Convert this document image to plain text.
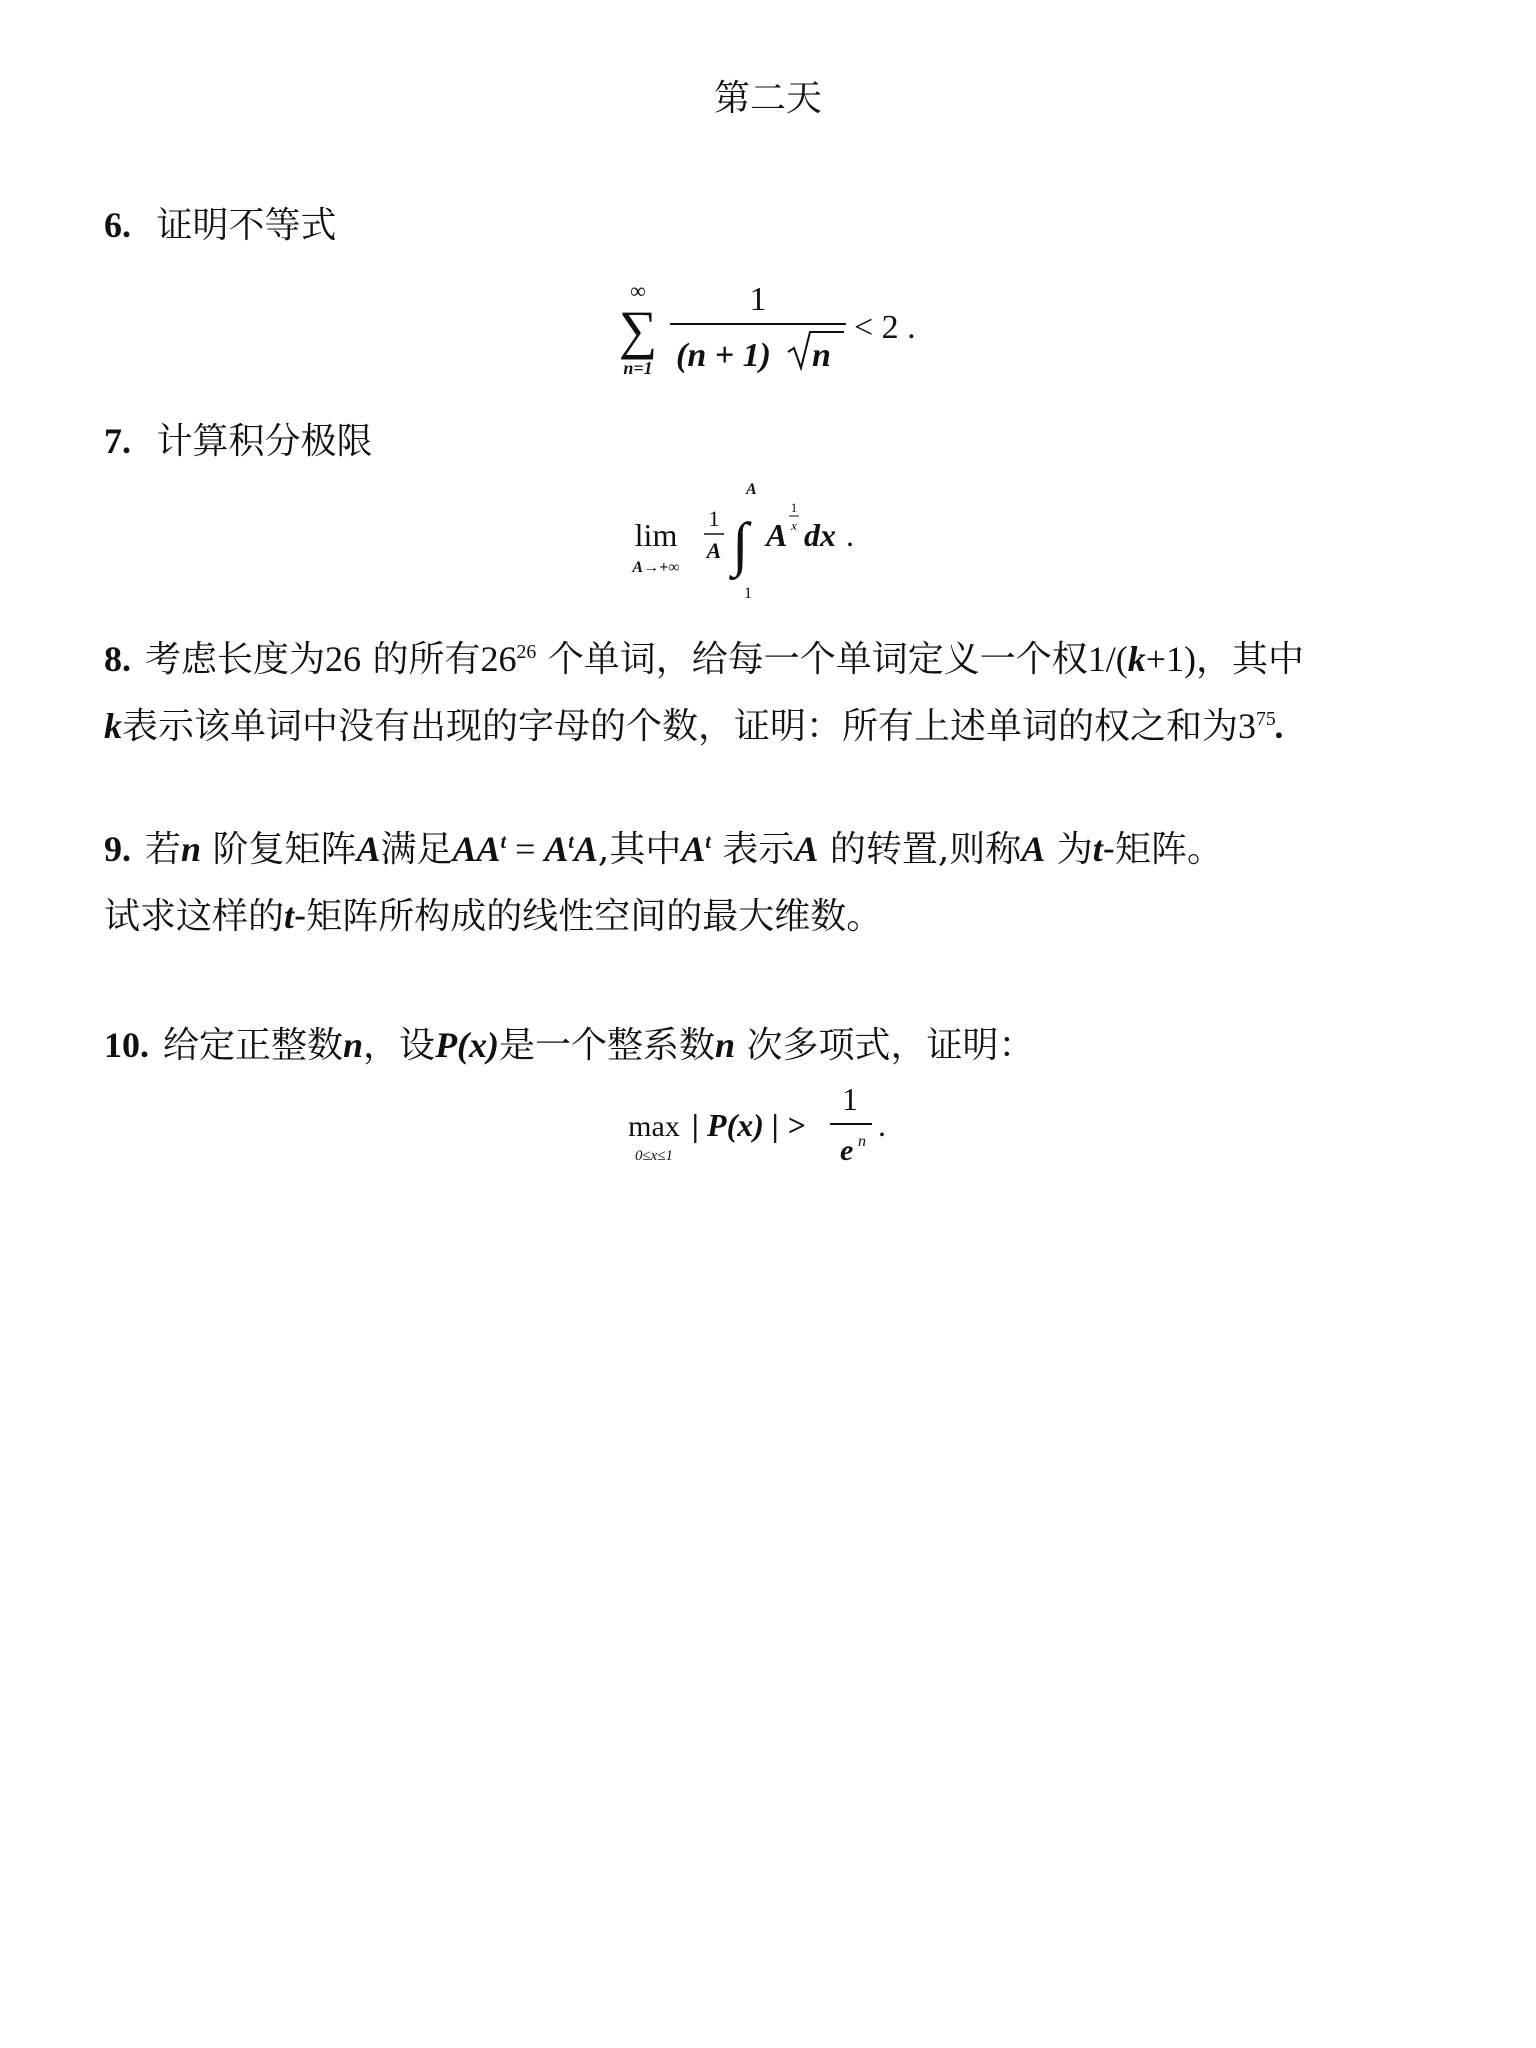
第二天
6. 证明不等式
∞
∑
n=1
1
(n + 1) n
< 2 .
7. 计算积分极限
lim
A→+∞
1
A
A
∫
1
A
1
x dx .
8. 考虑长度为26 的所有$26^{26}$ 个单词，给每一个单词定义一个权1/(k+1)，其中
k表示该单词中没有出现的字母的个数，证明：所有上述单词的权之和为$3^{75}$.
9. 若n 阶复矩阵A满足$AA^t = A^tA$,其中$A^t$ 表示A 的转置,则称A 为t-矩阵。
试求这样的t-矩阵所构成的线性空间的最大维数。
10. 给定正整数n，设P(x)是一个整系数n 次多项式，证明：
max
0≤x≤1
| P(x) | >
1
e n .
